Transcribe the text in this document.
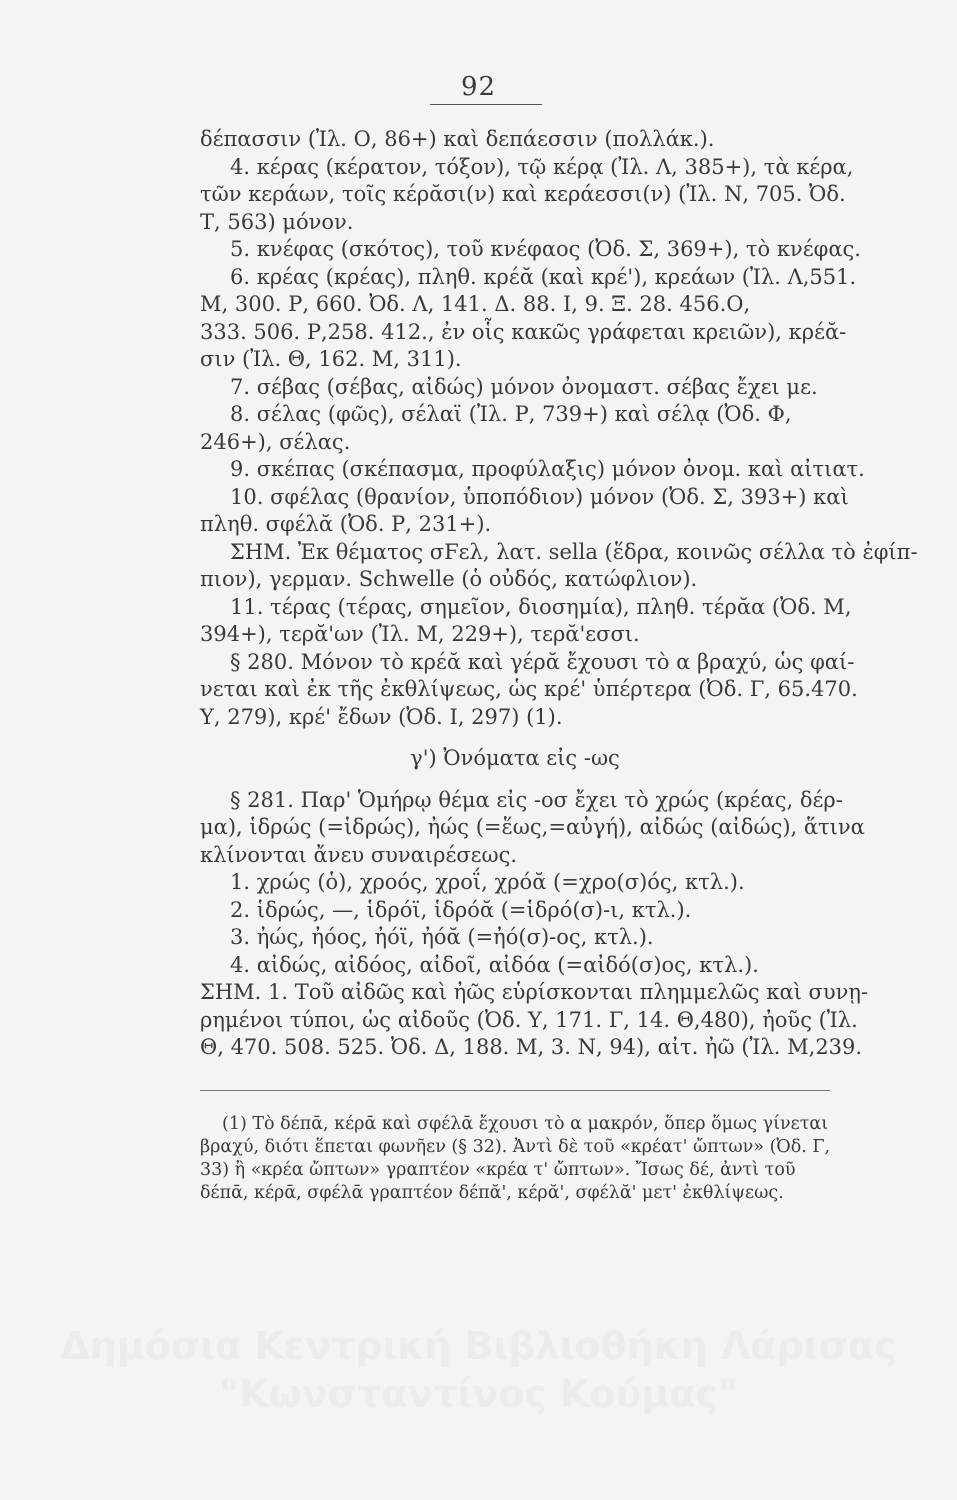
92
δέπασσιν (Ἰλ. Ο, 86+) καὶ δεπάεσσιν (πολλάκ.).
4. κέρας (κέρατον, τόξον), τῷ κέρᾳ (Ἰλ. Λ, 385+), τὰ κέρα,
τῶν κεράων, τοῖς κέρᾰσι(ν) καὶ κεράεσσι(ν) (Ἰλ. Ν, 705. Ὀδ.
Τ, 563) μόνον.
5. κνέφας (σκότος), τοῦ κνέφαος (Ὀδ. Σ, 369+), τὸ κνέφας.
6. κρέας (κρέας), πληθ. κρέᾰ (καὶ κρέ'), κρεάων (Ἰλ. Λ,551.
Μ, 300. Ρ, 660. Ὀδ. Λ, 141. Δ. 88. Ι, 9. Ξ. 28. 456.Ο,
333. 506. Ρ,258. 412., ἐν οἷς κακῶς γράφεται κρειῶν), κρέᾰ-
σιν (Ἰλ. Θ, 162. Μ, 311).
7. σέβας (σέβας, αἰδώς) μόνον ὀνομαστ. σέβας ἔχει με.
8. σέλας (φῶς), σέλαϊ (Ἰλ. Ρ, 739+) καὶ σέλᾳ (Ὀδ. Φ,
246+), σέλας.
9. σκέπας (σκέπασμα, προφύλαξις) μόνον ὀνομ. καὶ αἰτιατ.
10. σφέλας (θρανίον, ὑποπόδιον) μόνον (Ὀδ. Σ, 393+) καὶ
πληθ. σφέλᾰ (Ὀδ. Ρ, 231+).
ΣΗΜ. Ἐκ θέματος σϜελ, λατ. sella (ἕδρα, κοινῶς σέλλα τὸ ἐφίπ-
πιον), γερμαν. Schwelle (ὁ οὐδός, κατώφλιον).
11. τέρας (τέρας, σημεῖον, διοσημία), πληθ. τέρᾰα (Ὀδ. Μ,
394+), τερᾰ'ων (Ἰλ. Μ, 229+), τερᾰ'εσσι.
§ 280. Μόνον τὸ κρέᾰ καὶ γέρᾰ ἔχουσι τὸ α βραχύ, ὡς φαί-
νεται καὶ ἐκ τῆς ἐκθλίψεως, ὡς κρέ' ὑπέρτερα (Ὀδ. Γ, 65.470.
Υ, 279), κρέ' ἔδων (Ὀδ. Ι, 297) (1).
γ') Ὀνόματα εἰς -ως
§ 281. Παρ' Ὁμήρῳ θέμα εἰς -οσ ἔχει τὸ χρώς (κρέας, δέρ-
μα), ἱδρώς (=ἱδρώς), ἠώς (=ἕως,=αὐγή), αἰδώς (αἰδώς), ἅτινα
κλίνονται ἄνευ συναιρέσεως.
1. χρώς (ὁ), χροός, χροΐ, χρόᾰ (=χρο(σ)ός, κτλ.).
2. ἱδρώς, —, ἱδρόϊ, ἱδρόᾰ (=ἱδρό(σ)-ι, κτλ.).
3. ἠώς, ἠόος, ἠόϊ, ἠόᾰ (=ἠό(σ)-ος, κτλ.).
4. αἰδώς, αἰδόος, αἰδοῖ, αἰδόα (=αἰδό(σ)ος, κτλ.).
ΣΗΜ. 1. Τοῦ αἰδῶς καὶ ἠῶς εὑρίσκονται πλημμελῶς καὶ συνῃ-
ρημένοι τύποι, ὡς αἰδοῦς (Ὀδ. Υ, 171. Γ, 14. Θ,480), ἠοῦς (Ἰλ.
Θ, 470. 508. 525. Ὀδ. Δ, 188. Μ, 3. Ν, 94), αἰτ. ἠῶ (Ἰλ. Μ,239.
(1) Τὸ δέπᾱ, κέρᾱ καὶ σφέλᾱ ἔχουσι τὸ α μακρόν, ὅπερ ὅμως γίνεται
βραχύ, διότι ἕπεται φωνῆεν (§ 32). Ἀντὶ δὲ τοῦ «κρέατ' ὤπτων» (Ὀδ. Γ,
33) ἢ «κρέα ὤπτων» γραπτέον «κρέα τ' ὤπτων». Ἴσως δέ, ἀντὶ τοῦ
δέπᾱ, κέρᾱ, σφέλᾱ γραπτέον δέπᾰ', κέρᾰ', σφέλᾰ' μετ' ἐκθλίψεως.
Δημόσια Κεντρική Βιβλιοθήκη Λάρισας
"Κωνσταντίνος Κούμας"
